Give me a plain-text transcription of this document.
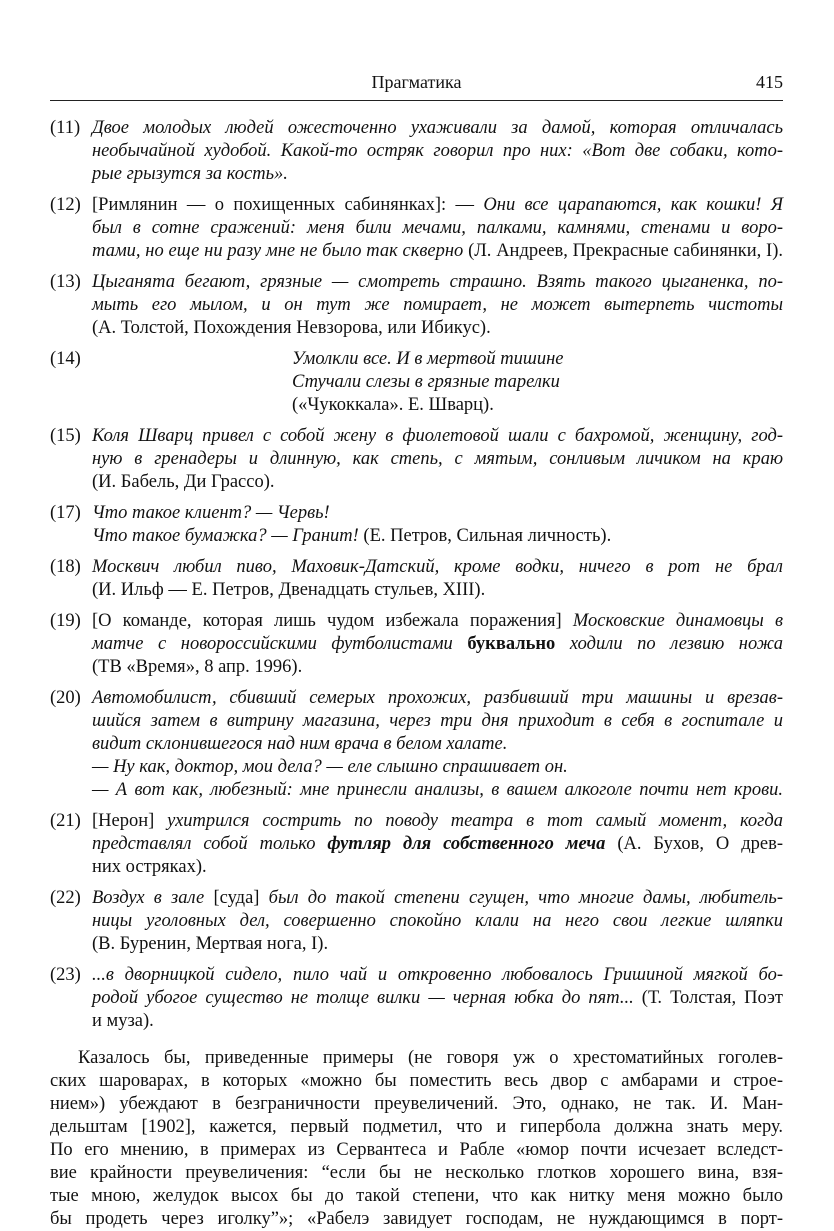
Прагматика	415
(11) Двое молодых людей ожесточенно ухаживали за дамой, которая отличалась
необычайной худобой. Какой-то остряк говорил про них: «Вот две собаки, кото-
рые грызутся за кость».
(12) [Римлянин — о похищенных сабинянках]: — Они все царапаются, как кошки! Я
был в сотне сражений: меня били мечами, палками, камнями, стенами и воро-
тами, но еще ни разу мне не было так скверно (Л. Андреев, Прекрасные сабинянки, I).
(13) Цыганята бегают, грязные — смотреть страшно. Взять такого цыганенка, по-
мыть его мылом, и он тут же помирает, не может вытерпеть чистоты
(А. Толстой, Похождения Невзорова, или Ибикус).
(14)	Умолкли все. И в мертвой тишине
Стучали слезы в грязные тарелки
(«Чукоккала». Е. Шварц).
(15) Коля Шварц привел с собой жену в фиолетовой шали с бахромой, женщину, год-
ную в гренадеры и длинную, как степь, с мятым, сонливым личиком на краю
(И. Бабель, Ди Грассо).
(17) Что такое клиент? — Червь!
Что такое бумажка? — Гранит! (Е. Петров, Сильная личность).
(18) Москвич любил пиво, Маховик-Датский, кроме водки, ничего в рот не брал
(И. Ильф — Е. Петров, Двенадцать стульев, XIII).
(19) [О команде, которая лишь чудом избежала поражения] Московские динамовцы в
матче с новороссийскими футболистами буквально ходили по лезвию ножа
(ТВ «Время», 8 апр. 1996).
(20) Автомобилист, сбивший семерых прохожих, разбивший три машины и врезав-
шийся затем в витрину магазина, через три дня приходит в себя в госпитале и
видит склонившегося над ним врача в белом халате.
— Ну как, доктор, мои дела? — еле слышно спрашивает он.
— А вот как, любезный: мне принесли анализы, в вашем алкоголе почти нет крови.
(21) [Нерон] ухитрился сострить по поводу театра в тот самый момент, когда
представлял собой только футляр для собственного меча (А. Бухов, О древ-
них остряках).
(22) Воздух в зале [суда] был до такой степени сгущен, что многие дамы, любитель-
ницы уголовных дел, совершенно спокойно клали на него свои легкие шляпки
(В. Буренин, Мертвая нога, I).
(23) ...в дворницкой сидело, пило чай и откровенно любовалось Гришиной мягкой бо-
родой убогое существо не толще вилки — черная юбка до пят... (Т. Толстая, Поэт
и муза).
Казалось бы, приведенные примеры (не говоря уж о хрестоматийных гоголев-
ских шароварах, в которых «можно бы поместить весь двор с амбарами и строе-
нием») убеждают в безграничности преувеличений. Это, однако, не так. И. Ман-
дельштам [1902], кажется, первый подметил, что и гипербола должна знать меру.
По его мнению, в примерах из Сервантеса и Рабле «юмор почти исчезает вследст-
вие крайности преувеличения: “если бы не несколько глотков хорошего вина, взя-
тые мною, желудок высох бы до такой степени, что как нитку меня можно было
бы продеть через иголку”»; «Рабелэ завидует господам, не нуждающимся в порт-
